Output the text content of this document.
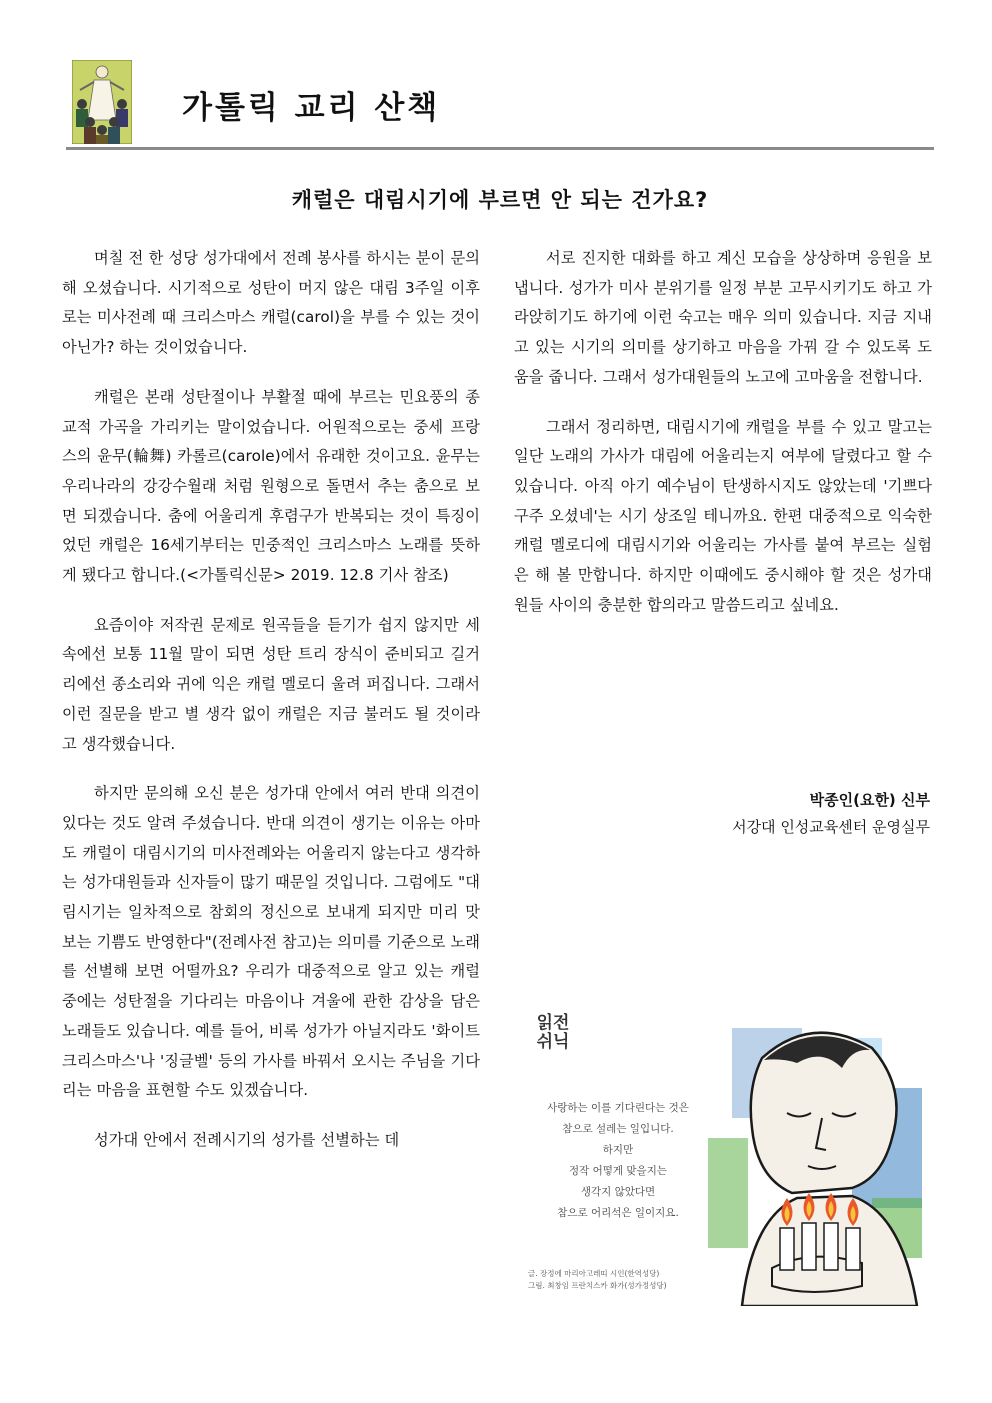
가톨릭 교리 산책
캐럴은 대림시기에 부르면 안 되는 건가요?

며칠 전 한 성당 성가대에서 전례 봉사를 하시는 분이 문의해 오셨습니다. 시기적으로 성탄이 머지 않은 대림 3주일 이후로는 미사전례 때 크리스마스 캐럴(carol)을 부를 수 있는 것이 아닌가? 하는 것이었습니다.

캐럴은 본래 성탄절이나 부활절 때에 부르는 민요풍의 종교적 가곡을 가리키는 말이었습니다. 어원적으로는 중세 프랑스의 윤무(輪舞) 카롤르(carole)에서 유래한 것이고요. 윤무는 우리나라의 강강수월래 처럼 원형으로 돌면서 추는 춤으로 보면 되겠습니다. 춤에 어울리게 후렴구가 반복되는 것이 특징이었던 캐럴은 16세기부터는 민중적인 크리스마스 노래를 뜻하게 됐다고 합니다.(<가톨릭신문> 2019. 12.8 기사 참조)

요즘이야 저작권 문제로 원곡들을 듣기가 쉽지 않지만 세속에선 보통 11월 말이 되면 성탄 트리 장식이 준비되고 길거리에선 종소리와 귀에 익은 캐럴 멜로디 울려 퍼집니다. 그래서 이런 질문을 받고 별 생각 없이 캐럴은 지금 불러도 될 것이라고 생각했습니다.

하지만 문의해 오신 분은 성가대 안에서 여러 반대 의견이 있다는 것도 알려 주셨습니다. 반대 의견이 생기는 이유는 아마도 캐럴이 대림시기의 미사전례와는 어울리지 않는다고 생각하는 성가대원들과 신자들이 많기 때문일 것입니다. 그럼에도 "대림시기는 일차적으로 참회의 정신으로 보내게 되지만 미리 맛보는 기쁨도 반영한다"(전례사전 참고)는 의미를 기준으로 노래를 선별해 보면 어떨까요? 우리가 대중적으로 알고 있는 캐럴 중에는 성탄절을 기다리는 마음이나 겨울에 관한 감상을 담은 노래들도 있습니다. 예를 들어, 비록 성가가 아닐지라도 '화이트 크리스마스'나 '징글벨' 등의 가사를 바꿔서 오시는 주님을 기다리는 마음을 표현할 수도 있겠습니다.

성가대 안에서 전례시기의 성가를 선별하는 데

서로 진지한 대화를 하고 계신 모습을 상상하며 응원을 보냅니다. 성가가 미사 분위기를 일정 부분 고무시키기도 하고 가라앉히기도 하기에 이런 숙고는 매우 의미 있습니다. 지금 지내고 있는 시기의 의미를 상기하고 마음을 가꿔 갈 수 있도록 도움을 줍니다. 그래서 성가대원들의 노고에 고마움을 전합니다.

그래서 정리하면, 대림시기에 캐럴을 부를 수 있고 말고는 일단 노래의 가사가 대림에 어울리는지 여부에 달렸다고 할 수 있습니다. 아직 아기 예수님이 탄생하시지도 않았는데 '기쁘다 구주 오셨네'는 시기 상조일 테니까요. 한편 대중적으로 익숙한 캐럴 멜로디에 대림시기와 어울리는 가사를 붙여 부르는 실험은 해 볼 만합니다. 하지만 이때에도 중시해야 할 것은 성가대원들 사이의 충분한 합의라고 말씀드리고 싶네요.

박종인(요한) 신부
서강대 인성교육센터 운영실무
읽전 쉬닉
사랑하는 이를 기다린다는 것은
참으로 설레는 일입니다.
하지만
정작 어떻게 맞을지는
생각지 않았다면
참으로 어리석은 일이지요.
글. 장정에 마리아고레띠 시인(한역성당)
그림. 최창임 프란치스카 화가(성가정성당)
